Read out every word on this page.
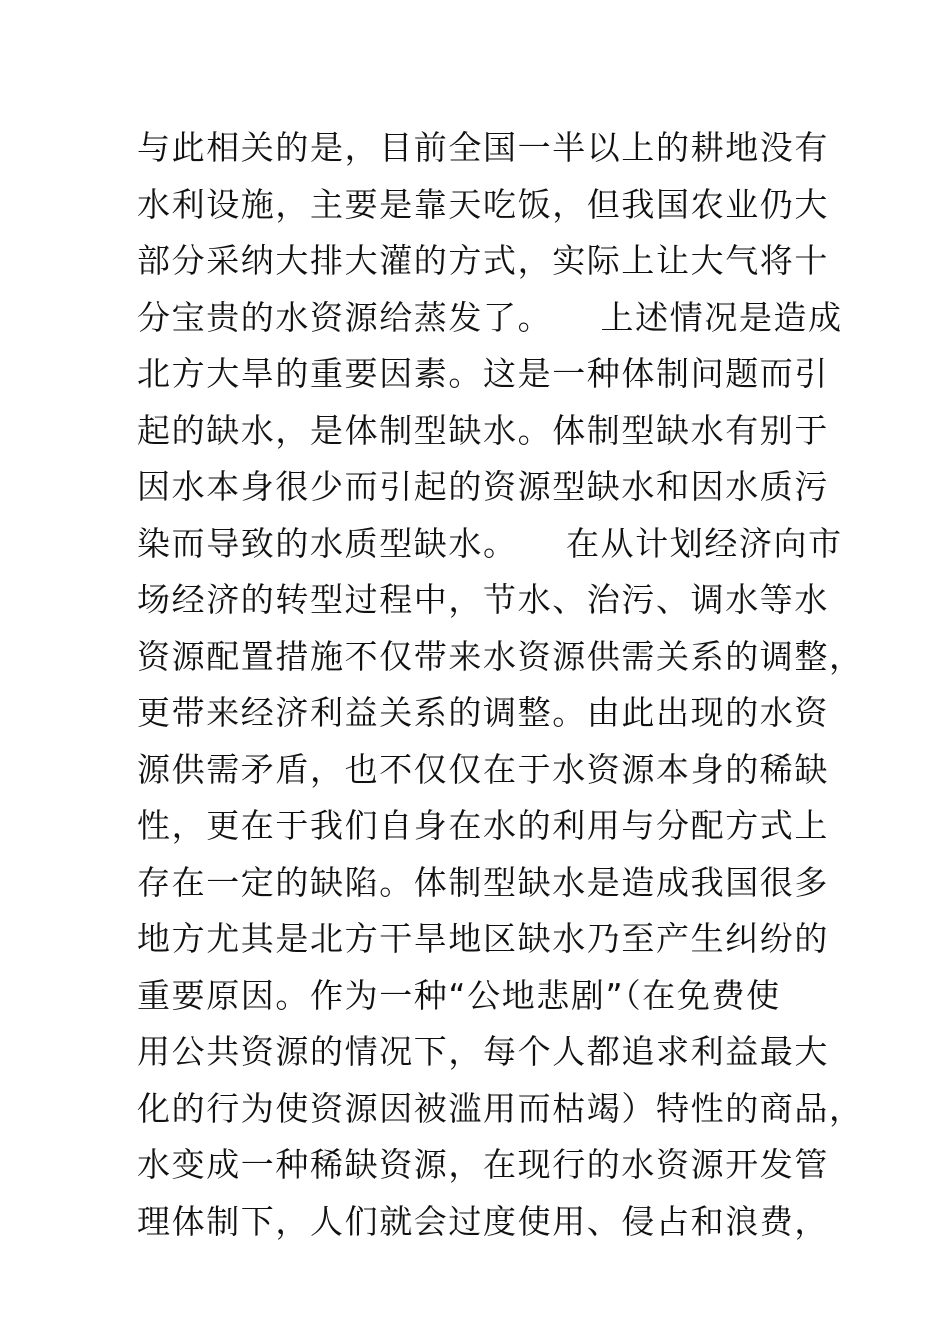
与此相关的是，目前全国一半以上的耕地没有
水利设施，主要是靠天吃饭，但我国农业仍大
部分采纳大排大灌的方式，实际上让大气将十
分宝贵的水资源给蒸发了。    上述情况是造成
北方大旱的重要因素。这是一种体制问题而引
起的缺水，是体制型缺水。体制型缺水有别于
因水本身很少而引起的资源型缺水和因水质污
染而导致的水质型缺水。    在从计划经济向市
场经济的转型过程中，节水、治污、调水等水
资源配置措施不仅带来水资源供需关系的调整，
更带来经济利益关系的调整。由此出现的水资
源供需矛盾，也不仅仅在于水资源本身的稀缺
性，更在于我们自身在水的利用与分配方式上
存在一定的缺陷。体制型缺水是造成我国很多
地方尤其是北方干旱地区缺水乃至产生纠纷的
重要原因。作为一种“公地悲剧”（在免费使
用公共资源的情况下，每个人都追求利益最大
化的行为使资源因被滥用而枯竭）特性的商品，
水变成一种稀缺资源，在现行的水资源开发管
理体制下，人们就会过度使用、侵占和浪费，
